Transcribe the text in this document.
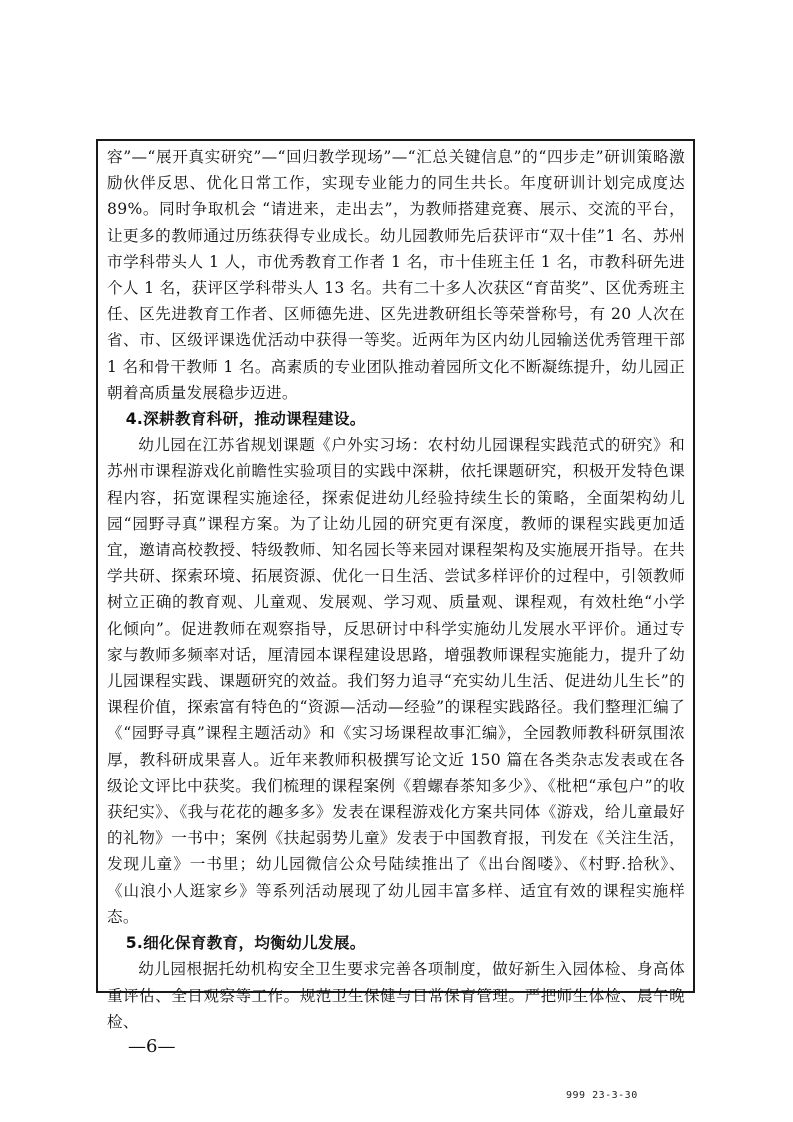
容”—“展开真实研究”—“回归教学现场”—“汇总关键信息”的“四步走”研训策略激励伙伴反思、优化日常工作，实现专业能力的同生共长。年度研训计划完成度达 89%。同时争取机会 “请进来，走出去”，为教师搭建竞赛、展示、交流的平台，让更多的教师通过历练获得专业成长。幼儿园教师先后获评市“双十佳”1 名、苏州市学科带头人 1 人，市优秀教育工作者 1 名，市十佳班主任 1 名，市教科研先进个人 1 名，获评区学科带头人 13 名。共有二十多人次获区“育苗奖”、区优秀班主任、区先进教育工作者、区师德先进、区先进教研组长等荣誉称号，有 20 人次在省、市、区级评课选优活动中获得一等奖。近两年为区内幼儿园输送优秀管理干部 1 名和骨干教师 1 名。高素质的专业团队推动着园所文化不断凝练提升，幼儿园正朝着高质量发展稳步迈进。

4.深耕教育科研，推动课程建设。

幼儿园在江苏省规划课题《户外实习场：农村幼儿园课程实践范式的研究》和苏州市课程游戏化前瞻性实验项目的实践中深耕，依托课题研究，积极开发特色课程内容，拓宽课程实施途径，探索促进幼儿经验持续生长的策略，全面架构幼儿园“园野寻真”课程方案。为了让幼儿园的研究更有深度，教师的课程实践更加适宜，邀请高校教授、特级教师、知名园长等来园对课程架构及实施展开指导。在共学共研、探索环境、拓展资源、优化一日生活、尝试多样评价的过程中，引领教师树立正确的教育观、儿童观、发展观、学习观、质量观、课程观，有效杜绝“小学化倾向”。促进教师在观察指导，反思研讨中科学实施幼儿发展水平评价。通过专家与教师多频率对话，厘清园本课程建设思路，增强教师课程实施能力，提升了幼儿园课程实践、课题研究的效益。我们努力追寻“充实幼儿生活、促进幼儿生长”的课程价值，探索富有特色的“资源—活动—经验”的课程实践路径。我们整理汇编了《“园野寻真”课程主题活动》和《实习场课程故事汇编》，全园教师教科研氛围浓厚，教科研成果喜人。近年来教师积极撰写论文近 150 篇在各类杂志发表或在各级论文评比中获奖。我们梳理的课程案例《碧螺春茶知多少》、《枇杷“承包户”的收获纪实》、《我与花花的趣多多》发表在课程游戏化方案共同体《游戏，给儿童最好的礼物》一书中；案例《扶起弱势儿童》发表于中国教育报，刊发在《关注生活，发现儿童》一书里；幼儿园微信公众号陆续推出了《出台阁喽》、《村野.拾秋》、《山浪小人逛家乡》等系列活动展现了幼儿园丰富多样、适宜有效的课程实施样态。

5.细化保育教育，均衡幼儿发展。

幼儿园根据托幼机构安全卫生要求完善各项制度，做好新生入园体检、身高体重评估、全日观察等工作。规范卫生保健与日常保育管理。严把师生体检、晨午晚检、

—6—
999 23-3-30
